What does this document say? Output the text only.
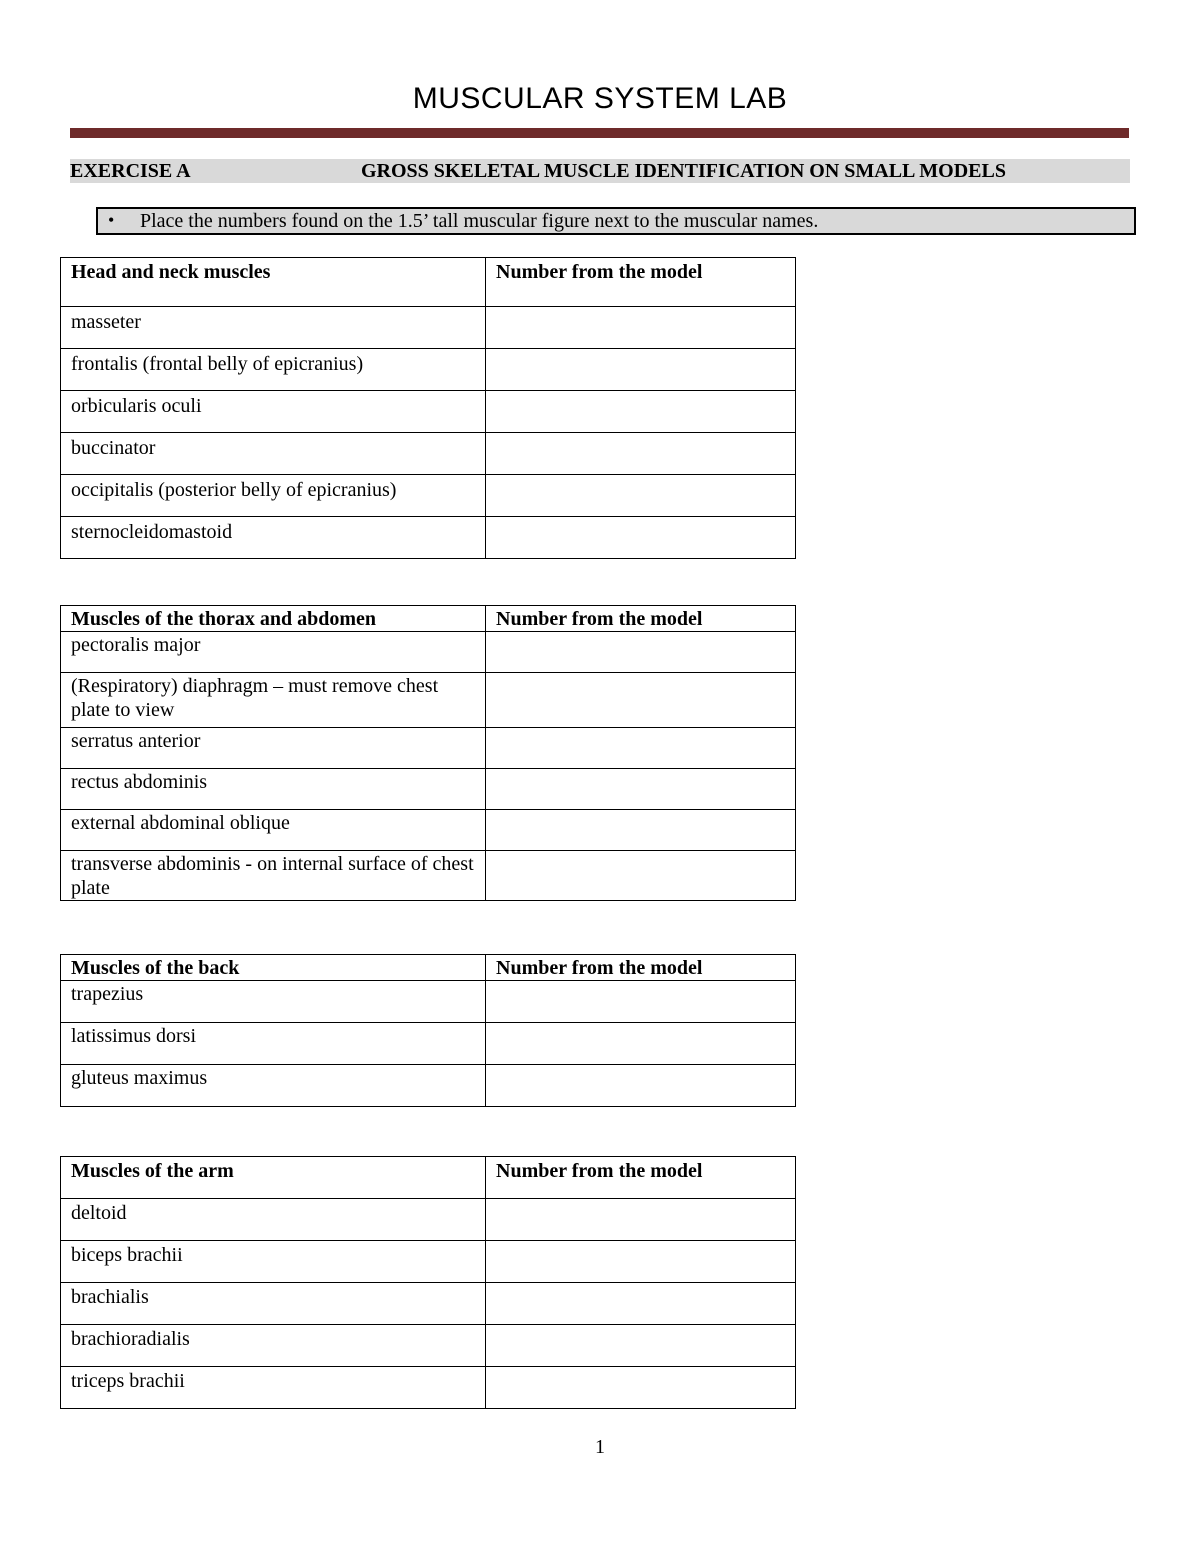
MUSCULAR SYSTEM LAB
EXERCISE A	GROSS SKELETAL MUSCLE IDENTIFICATION ON SMALL MODELS
• Place the numbers found on the 1.5’ tall muscular figure next to the muscular names.
Head and neck muscles	Number from the model
masseter	
frontalis (frontal belly of epicranius)	
orbicularis oculi	
buccinator	
occipitalis (posterior belly of epicranius)	
sternocleidomastoid	
Muscles of the thorax and abdomen	Number from the model
pectoralis major	
(Respiratory) diaphragm – must remove chest plate to view	
serratus anterior	
rectus abdominis	
external abdominal oblique	
transverse abdominis - on internal surface of chest plate	
Muscles of the back	Number from the model
trapezius	
latissimus dorsi	
gluteus maximus	
Muscles of the arm	Number from the model
deltoid	
biceps brachii	
brachialis	
brachioradialis	
triceps brachii	
1
